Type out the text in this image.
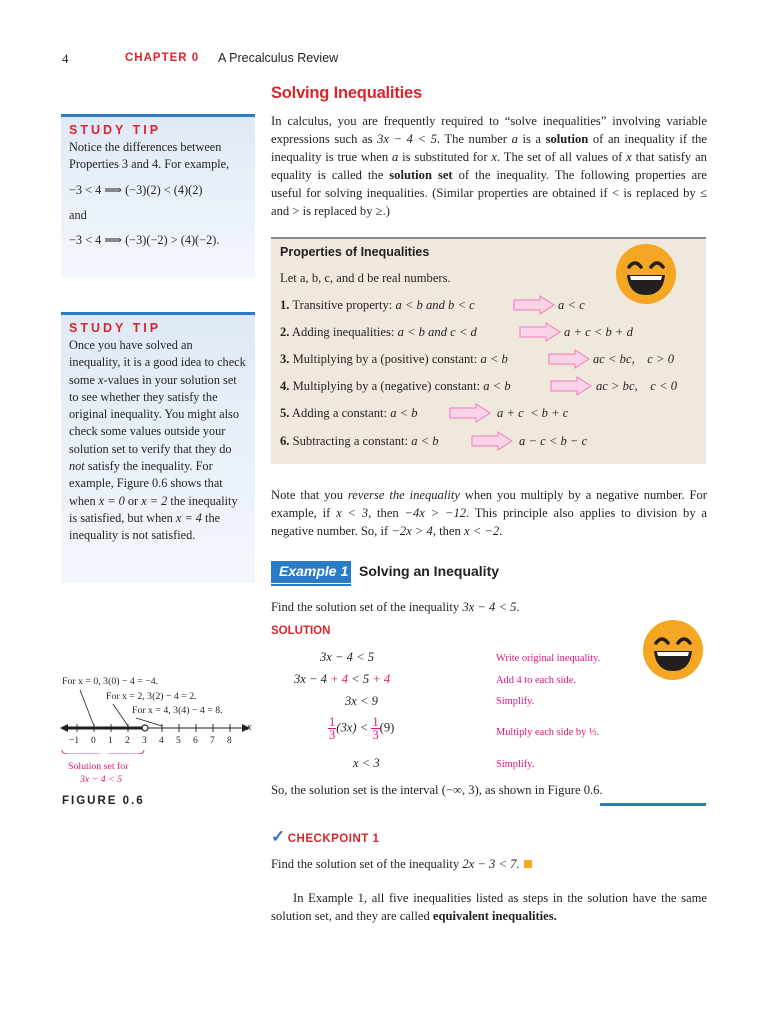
4	CHAPTER 0 A Precalculus Review
Solving Inequalities
In calculus, you are frequently required to “solve inequalities” involving variable expressions such as 3x − 4 < 5. The number a is a solution of an inequality if the inequality is true when a is substituted for x. The set of all values of x that satisfy an equality is called the solution set of the inequality. The following properties are useful for solving inequalities. (Similar properties are obtained if < is replaced by ≤ and > is replaced by ≥.)
STUDY TIP
Notice the differences between Properties 3 and 4. For example,
−3 < 4 ⟹ (−3)(2) < (4)(2)
and
−3 < 4 ⟹ (−3)(−2) > (4)(−2).
STUDY TIP
Once you have solved an inequality, it is a good idea to check some x-values in your solution set to see whether they satisfy the original inequality. You might also check some values outside your solution set to verify that they do not satisfy the inequality. For example, Figure 0.6 shows that when x = 0 or x = 2 the inequality is satisfied, but when x = 4 the inequality is not satisfied.
Properties of Inequalities
Let a, b, c, and d be real numbers.
1. Transitive property: a < b and b < c	a < c
2. Adding inequalities: a < b and c < d	a + c < b + d
3. Multiplying by a (positive) constant: a < b	ac < bc,    c > 0
4. Multiplying by a (negative) constant: a < b	ac > bc,    c < 0
5. Adding a constant: a < b	a + c  < b + c
6. Subtracting a constant: a < b	a − c < b − c
Note that you reverse the inequality when you multiply by a negative number. For example, if x < 3, then −4x > −12. This principle also applies to division by a negative number. So, if −2x > 4, then x < −2.
Example 1 Solving an Inequality
Find the solution set of the inequality 3x − 4 < 5.
SOLUTION
3x − 4 < 5	Write original inequality.
3x − 4 + 4 < 5 + 4	Add 4 to each side.
3x < 9	Simplify.
$\frac{1}{3} (3x) < \frac{1}{3} (9)$	Multiply each side by ⅓.
x < 3	Simplify.
So, the solution set is the interval (−∞, 3), as shown in Figure 0.6.
✓ CHECKPOINT 1
Find the solution set of the inequality 2x − 3 < 7.
In Example 1, all five inequalities listed as steps in the solution have the same solution set, and they are called equivalent inequalities.
For x = 0, 3(0) − 4 = −4.
For x = 2, 3(2) − 4 = 2.
For x = 4, 3(4) − 4 = 8.
x
−1 0 1 2 3 4 5 6 7 8
Solution set for
3x − 4 < 5
FIGURE 0.6
